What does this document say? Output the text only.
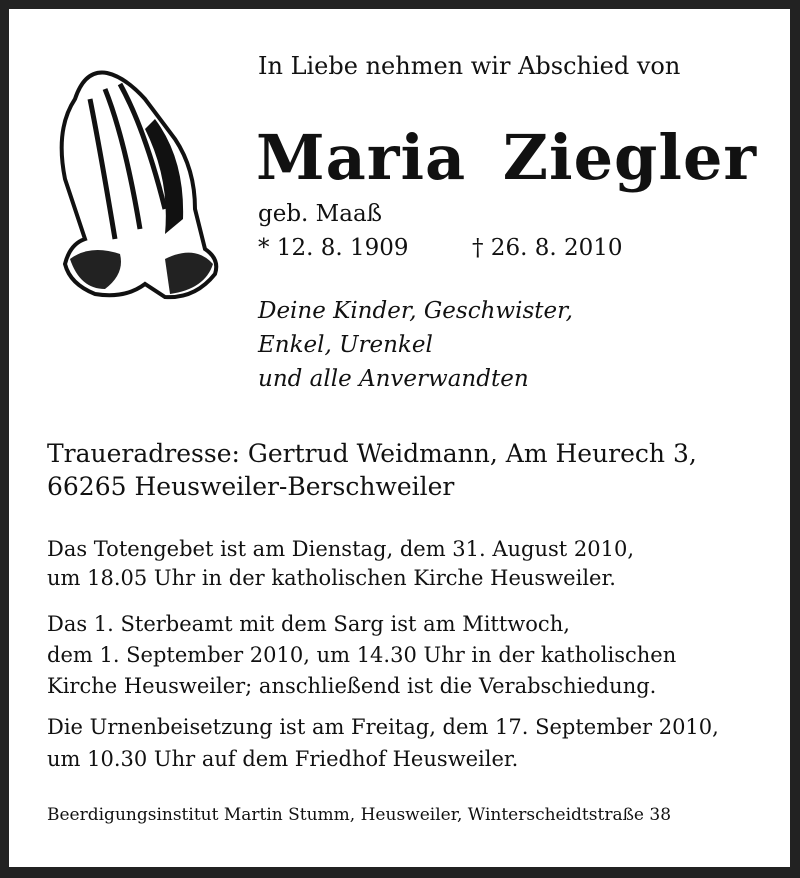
In Liebe nehmen wir Abschied von
Maria Ziegler
geb. Maaß
* 12. 8. 1909	† 26. 8. 2010
Deine Kinder, Geschwister,
Enkel, Urenkel
und alle Anverwandten
Traueradresse: Gertrud Weidmann, Am Heurech 3,
66265 Heusweiler-Berschweiler
Das Totengebet ist am Dienstag, dem 31. August 2010,
um 18.05 Uhr in der katholischen Kirche Heusweiler.
Das 1. Sterbeamt mit dem Sarg ist am Mittwoch,
dem 1. September 2010, um 14.30 Uhr in der katholischen
Kirche Heusweiler; anschließend ist die Verabschiedung.
Die Urnenbeisetzung ist am Freitag, dem 17. September 2010,
um 10.30 Uhr auf dem Friedhof Heusweiler.
Beerdigungsinstitut Martin Stumm, Heusweiler, Winterscheidtstraße 38
